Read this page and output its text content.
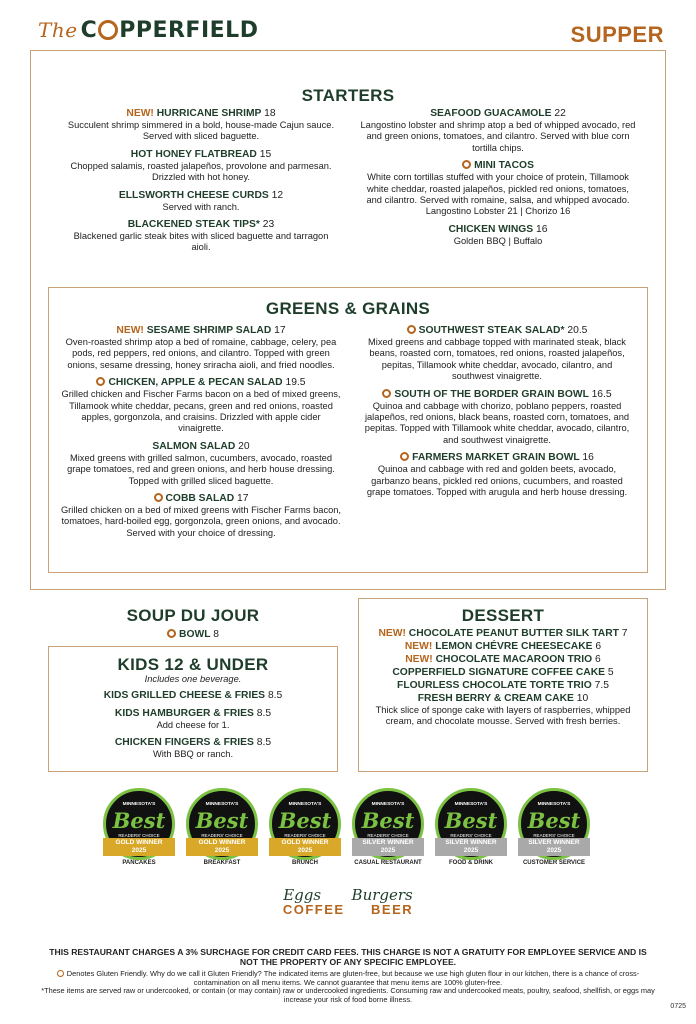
The C PPERFIELD	SUPPER
STARTERS
NEW! HURRICANE SHRIMP 18
Succulent shrimp simmered in a bold, house-made Cajun sauce. Served with sliced baguette.
HOT HONEY FLATBREAD 15
Chopped salamis, roasted jalapeños, provolone and parmesan. Drizzled with hot honey.
ELLSWORTH CHEESE CURDS 12
Served with ranch.
BLACKENED STEAK TIPS* 23
Blackened garlic steak bites with sliced baguette and tarragon aioli.
SEAFOOD GUACAMOLE 22
Langostino lobster and shrimp atop a bed of whipped avocado, red and green onions, tomatoes, and cilantro. Served with blue corn tortilla chips.
MINI TACOS
White corn tortillas stuffed with your choice of protein, Tillamook white cheddar, roasted jalapeños, pickled red onions, tomatoes, and cilantro. Served with romaine, salsa, and whipped avocado.
Langostino Lobster 21 | Chorizo 16
CHICKEN WINGS 16
Golden BBQ | Buffalo
GREENS & GRAINS
NEW! SESAME SHRIMP SALAD 17
Oven-roasted shrimp atop a bed of romaine, cabbage, celery, pea pods, red peppers, red onions, and cilantro. Topped with green onions, sesame dressing, honey sriracha aioli, and fried noodles.
CHICKEN, APPLE & PECAN SALAD 19.5
Grilled chicken and Fischer Farms bacon on a bed of mixed greens, Tillamook white cheddar, pecans, green and red onions, roasted apples, gorgonzola, and craisins. Drizzled with apple cider vinaigrette.
SALMON SALAD 20
Mixed greens with grilled salmon, cucumbers, avocado, roasted grape tomatoes, red and green onions, and herb house dressing. Topped with grilled sliced baguette.
COBB SALAD 17
Grilled chicken on a bed of mixed greens with Fischer Farms bacon, tomatoes, hard-boiled egg, gorgonzola, green onions, and avocado. Served with your choice of dressing.
SOUTHWEST STEAK SALAD* 20.5
Mixed greens and cabbage topped with marinated steak, black beans, roasted corn, tomatoes, red onions, roasted jalapeños, pepitas, Tillamook white cheddar, avocado, cilantro, and southwest vinaigrette.
SOUTH OF THE BORDER GRAIN BOWL 16.5
Quinoa and cabbage with chorizo, poblano peppers, roasted jalapeños, red onions, black beans, roasted corn, tomatoes, and pepitas. Topped with Tillamook white cheddar, avocado, cilantro, and southwest vinaigrette.
FARMERS MARKET GRAIN BOWL 16
Quinoa and cabbage with red and golden beets, avocado, garbanzo beans, pickled red onions, cucumbers, and roasted grape tomatoes. Topped with arugula and herb house dressing.
SOUP DU JOUR
BOWL 8
KIDS 12 & UNDER
Includes one beverage.
KIDS GRILLED CHEESE & FRIES 8.5
KIDS HAMBURGER & FRIES 8.5
Add cheese for 1.
CHICKEN FINGERS & FRIES 8.5
With BBQ or ranch.
DESSERT
NEW! CHOCOLATE PEANUT BUTTER SILK TART 7
NEW! LEMON CHÉVRE CHEESECAKE 6
NEW! CHOCOLATE MACAROON TRIO 6
COPPERFIELD SIGNATURE COFFEE CAKE 5
FLOURLESS CHOCOLATE TORTE TRIO 7.5
FRESH BERRY & CREAM CAKE 10
Thick slice of sponge cake with layers of raspberries, whipped cream, and chocolate mousse. Served with fresh berries.
MINNESOTA'S
Best
READERS' CHOICE
GOLD WINNER
2025
PANCAKES
MINNESOTA'S
Best
READERS' CHOICE
GOLD WINNER
2025
BREAKFAST
MINNESOTA'S
Best
READERS' CHOICE
GOLD WINNER
2025
BRUNCH
MINNESOTA'S
Best
READERS' CHOICE
SILVER WINNER
2025
CASUAL RESTAURANT
MINNESOTA'S
Best
READERS' CHOICE
SILVER WINNER
2025
FOOD & DRINK
MINNESOTA'S
Best
READERS' CHOICE
SILVER WINNER
2025
CUSTOMER SERVICE
Eggs Burgers
COFFEE BEER
THIS RESTAURANT CHARGES A 3% SURCHAGE FOR CREDIT CARD FEES. THIS CHARGE IS NOT A GRATUITY FOR EMPLOYEE SERVICE AND IS NOT THE PROPERTY OF ANY SPECIFIC EMPLOYEE.
Denotes Gluten Friendly. Why do we call it Gluten Friendly? The indicated items are gluten-free, but because we use high gluten flour in our kitchen, there is a chance of cross-contamination on all menu items. We cannot guarantee that menu items are 100% gluten-free.
*These items are served raw or undercooked, or contain (or may contain) raw or undercooked ingredients. Consuming raw and undercooked meats, poultry, seafood, shellfish, or eggs may increase your risk of food borne illness.
0725
